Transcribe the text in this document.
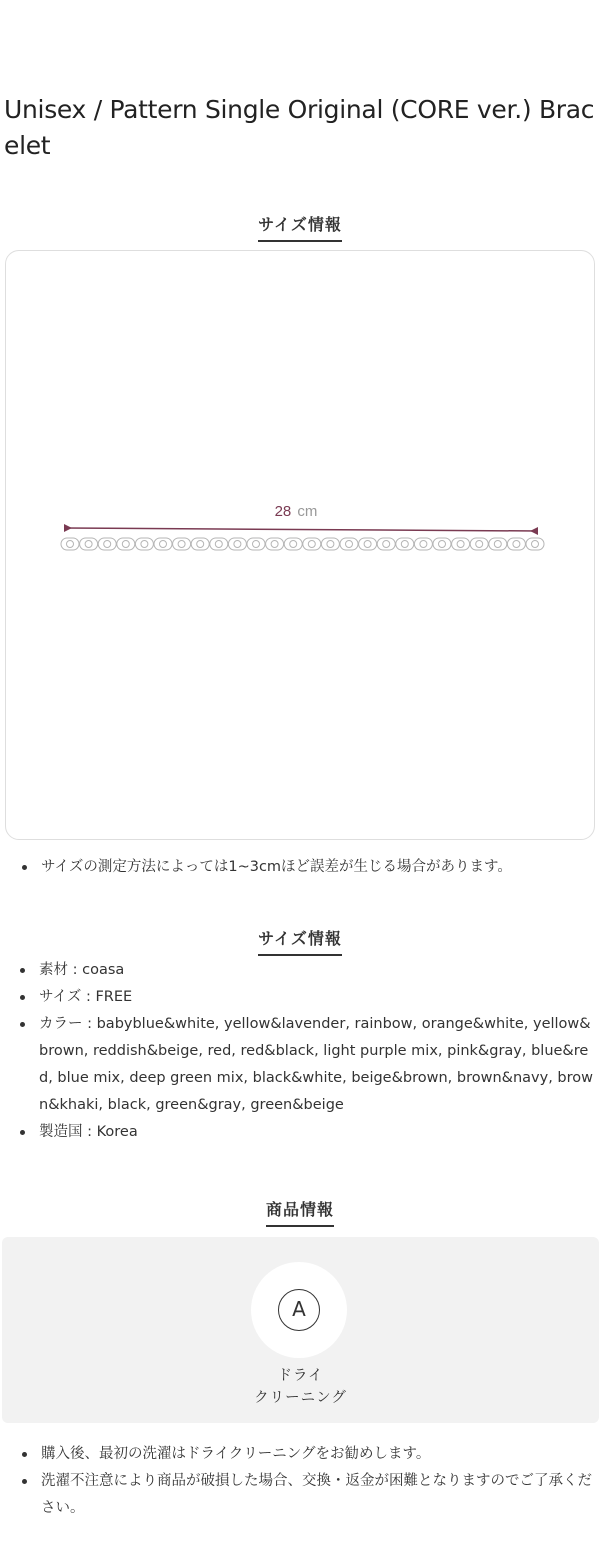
Unisex / Pattern Single Original (CORE ver.) Bracelet
サイズ情報
28 cm
サイズの測定方法によっては1~3cmほど誤差が生じる場合があります。
サイズ情報
素材 : coasa
サイズ : FREE
カラー : babyblue&white, yellow&lavender, rainbow, orange&white, yellow&brown, reddish&beige, red, red&black, light purple mix, pink&gray, blue&red, blue mix, deep green mix, black&white, beige&brown, brown&navy, brown&khaki, black, green&gray, green&beige
製造国 : Korea
商品情報
A
ドライ
クリーニング
購入後、最初の洗濯はドライクリーニングをお勧めします。
洗濯不注意により商品が破損した場合、交換・返金が困難となりますのでご了承ください。
